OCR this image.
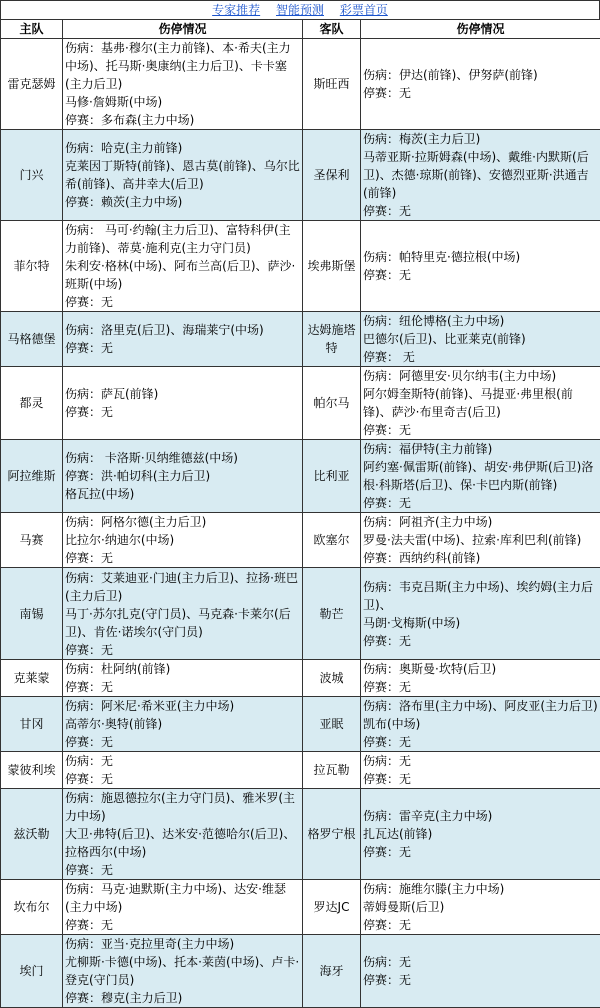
专家推荐 智能预测 彩票首页
主队	伤停情况	客队	伤停情况
雷克瑟姆	伤病：基弗·穆尔(主力前锋)、本·希夫(主力中场)、托马斯·奥康纳(主力后卫)、卡卡塞(主力后卫)
马修·詹姆斯(中场)
停赛：多布森(主力中场)	斯旺西	伤病：伊达(前锋)、伊努萨(前锋)
停赛：无

门兴	伤病：哈克(主力前锋)
克莱因丁斯特(前锋)、恩古莫(前锋)、乌尔比希(前锋)、高井幸大(后卫)
停赛：赖茨(主力中场)	圣保利	伤病：梅茨(主力后卫)
马蒂亚斯·拉斯姆森(中场)、戴维·内默斯(后卫)、杰德·琼斯(前锋)、安德烈亚斯·洪通吉(前锋)
停赛：无

菲尔特	伤病： 马可·约翰(主力后卫)、富特科伊(主力前锋)、蒂莫·施利克(主力守门员)
朱利安·格林(中场)、阿布兰高(后卫)、萨沙·班斯(中场)
停赛：无	埃弗斯堡	伤病：帕特里克·德拉根(中场)
停赛：无

马格德堡	伤病：洛里克(后卫)、海瑞莱宁(中场)
停赛：无	达姆施塔特	伤病：纽伦博格(主力中场)
巴德尔(后卫)、比亚莱克(前锋)
停赛： 无

都灵	伤病：萨瓦(前锋)
停赛：无	帕尔马	伤病：阿德里安·贝尔纳韦(主力中场)
阿尔姆奎斯特(前锋)、马提亚·弗里根(前锋)、萨沙·布里奇吉(后卫)
停赛：无

阿拉维斯	伤病： 卡洛斯·贝纳维德兹(中场)
停赛：洪·帕切科(主力后卫)
格瓦拉(中场)	比利亚	伤病：福伊特(主力前锋)
阿约塞·佩雷斯(前锋)、胡安·弗伊斯(后卫)洛根·科斯塔(后卫)、保·卡巴内斯(前锋)
停赛：无

马赛	伤病：阿格尔德(主力后卫)
比拉尔·纳迪尔(中场)
停赛：无	欧塞尔	伤病：阿祖齐(主力中场)
罗曼·法夫雷(中场)、拉索·库利巴利(前锋)
停赛：西纳约科(前锋)

南锡	伤病：艾莱迪亚·门迪(主力后卫)、拉扬·班巴(主力后卫)
马丁·苏尔扎克(守门员)、马克森·卡莱尔(后卫)、肯佐·诺埃尔(守门员)
停赛：无	勒芒	伤病：韦克吕斯(主力中场)、埃约姆(主力后卫)、
马朗·戈梅斯(中场)
停赛：无

克莱蒙	伤病：杜阿纳(前锋)
停赛：无	波城	伤病：奥斯曼·坎特(后卫)
停赛：无

甘冈	伤病：阿米尼·希米亚(主力中场)
高蒂尔·奥特(前锋)
停赛：无	亚眠	伤病：洛布里(主力中场)、阿皮亚(主力后卫)
凯布(中场)
停赛：无

蒙彼利埃	伤病：无
停赛：无	拉瓦勒	伤病：无
停赛：无

兹沃勒	伤病：施恩德拉尔(主力守门员)、雅米罗(主力中场)
大卫·弗特(后卫)、达米安·范德哈尔(后卫)、拉格西尔(中场)
停赛：无	格罗宁根	伤病：雷辛克(主力中场)
扎瓦达(前锋)
停赛：无

坎布尔	伤病：马克·迪默斯(主力中场)、达安·维瑟(主力中场)
停赛：无	罗达JC	伤病：施维尔滕(主力中场)
蒂姆曼斯(后卫)
停赛：无

埃门	伤病：亚当·克拉里奇(主力中场)
尤柳斯·卡德(中场)、托本·莱茵(中场)、卢卡·登克(守门员)
停赛：穆克(主力后卫)	海牙	伤病：无
停赛：无
